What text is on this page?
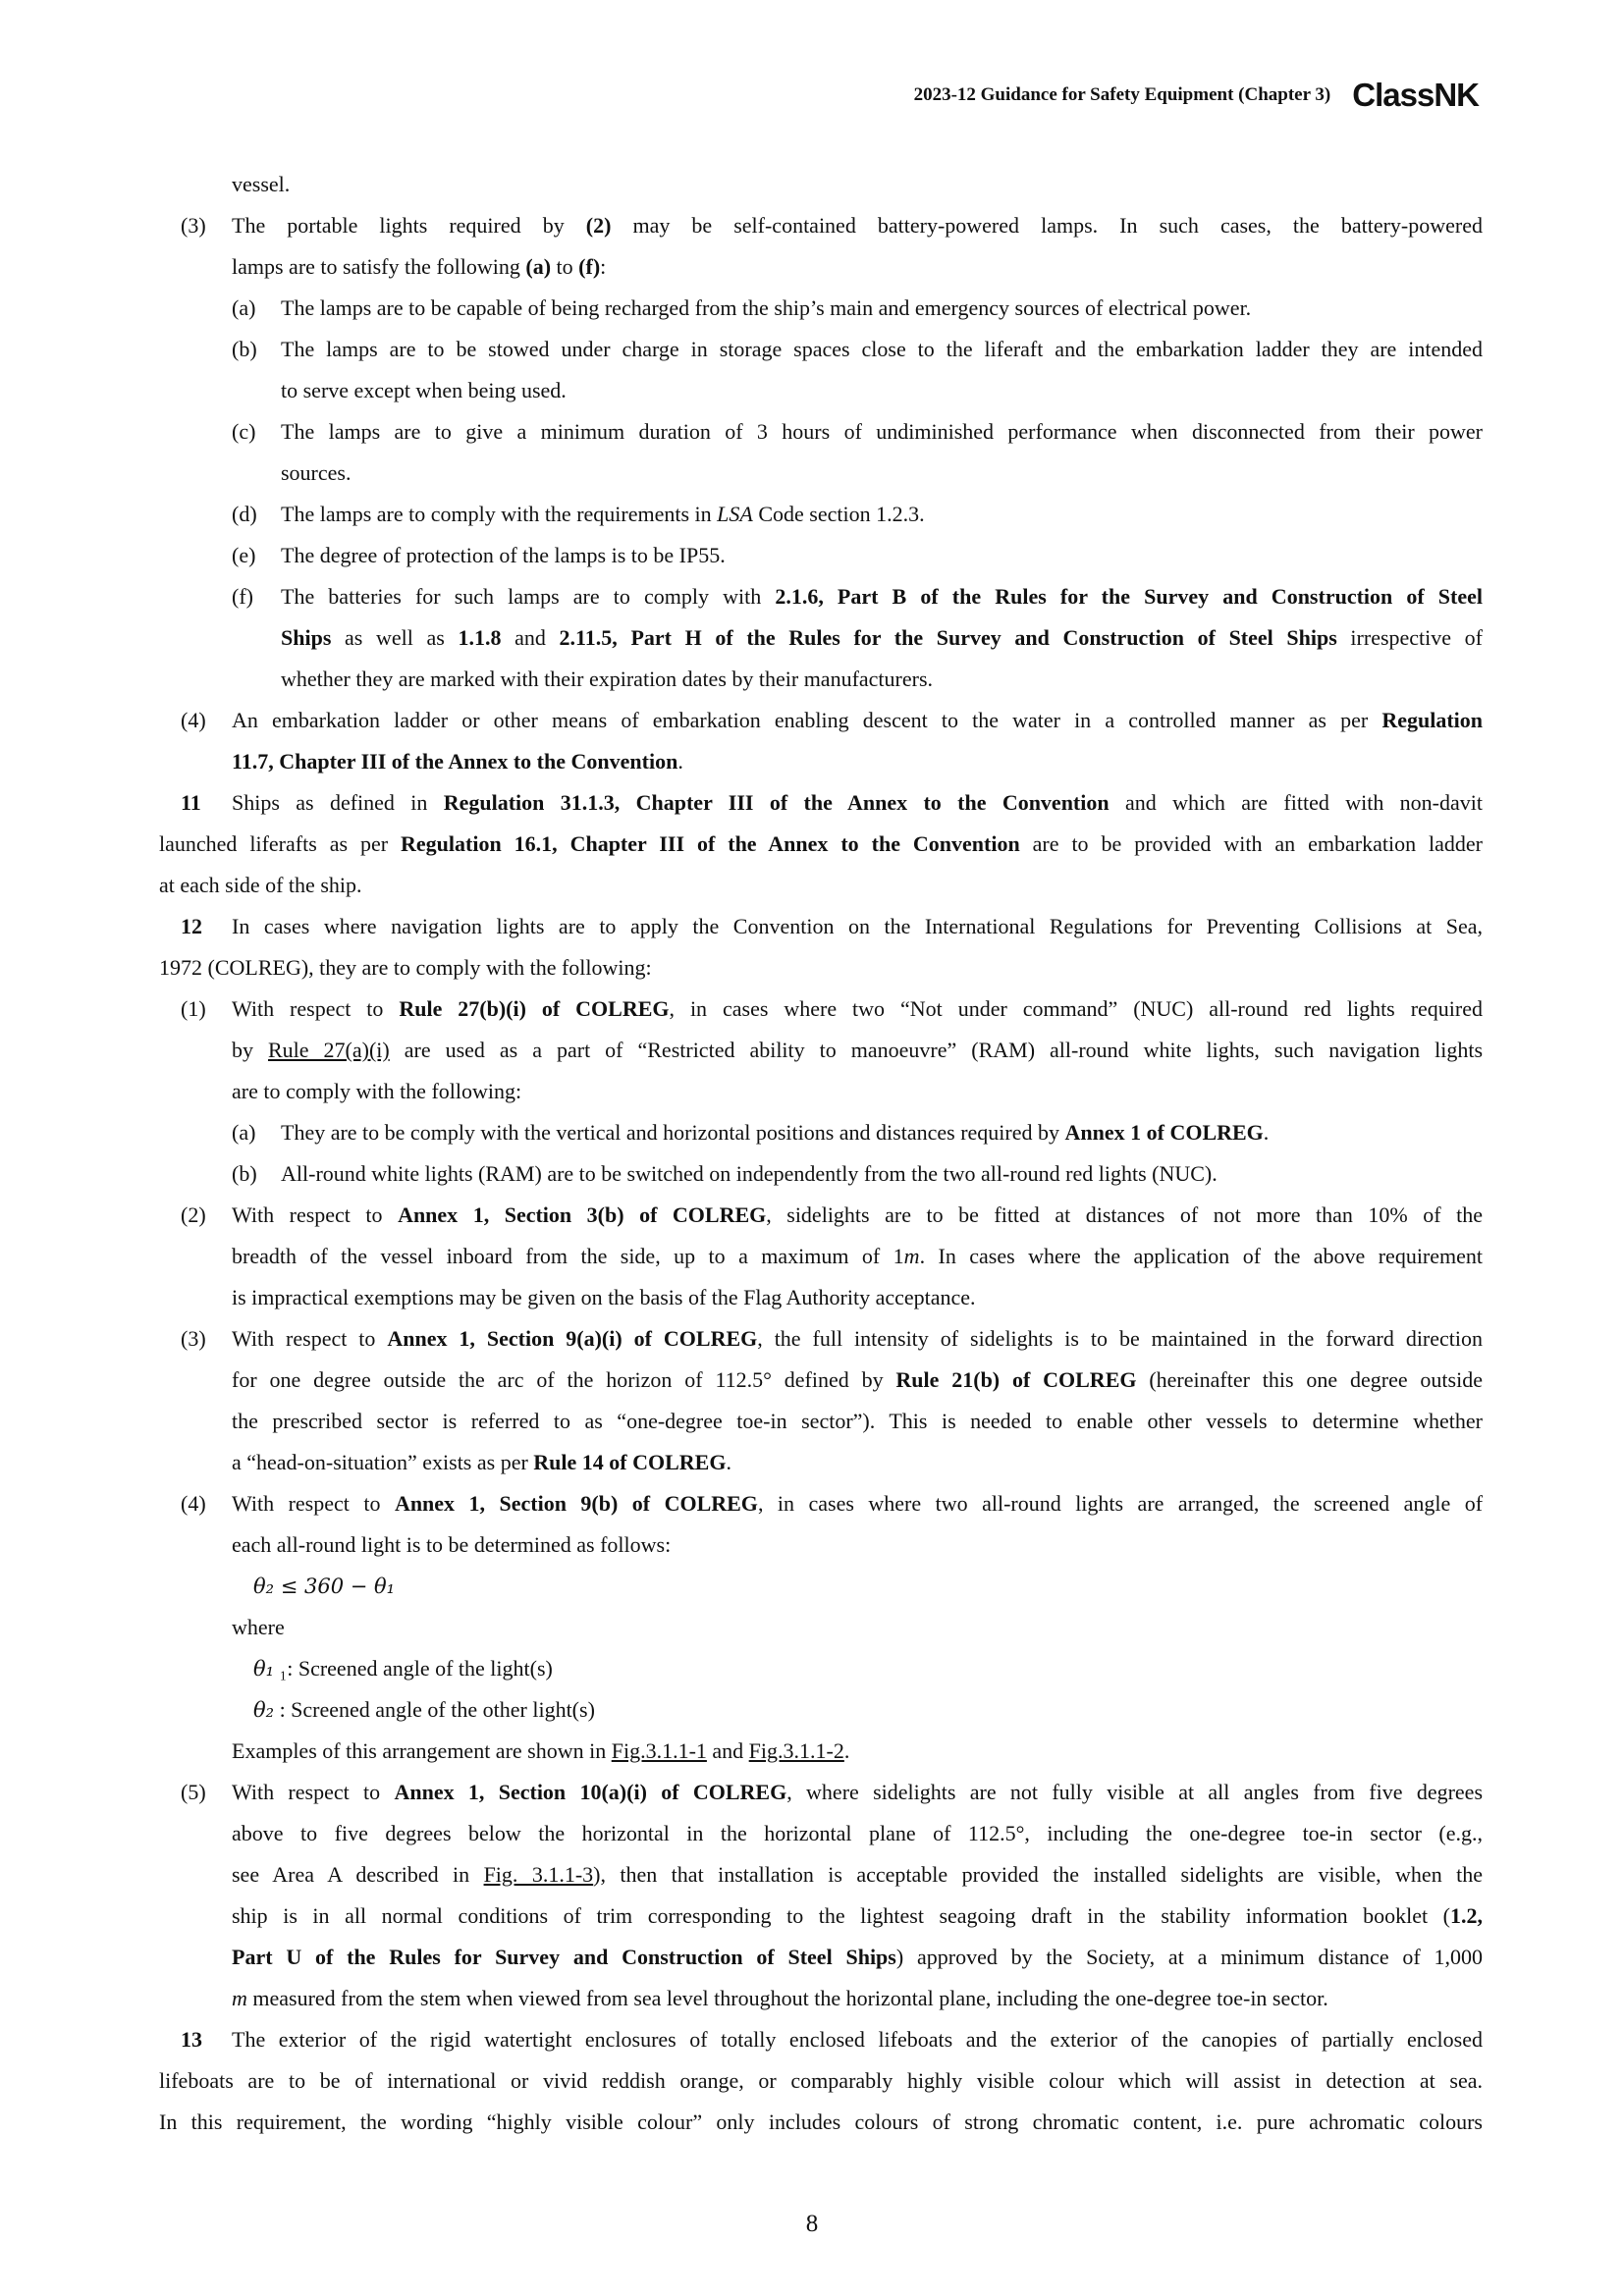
2023-12 Guidance for Safety Equipment (Chapter 3) ClassNK
vessel.
(3) The portable lights required by (2) may be self-contained battery-powered lamps. In such cases, the battery-powered
lamps are to satisfy the following (a) to (f):
(a) The lamps are to be capable of being recharged from the ship’s main and emergency sources of electrical power.
(b) The lamps are to be stowed under charge in storage spaces close to the liferaft and the embarkation ladder they are intended
to serve except when being used.
(c) The lamps are to give a minimum duration of 3 hours of undiminished performance when disconnected from their power
sources.
(d) The lamps are to comply with the requirements in LSA Code section 1.2.3.
(e) The degree of protection of the lamps is to be IP55.
(f) The batteries for such lamps are to comply with 2.1.6, Part B of the Rules for the Survey and Construction of Steel
Ships as well as 1.1.8 and 2.11.5, Part H of the Rules for the Survey and Construction of Steel Ships irrespective of
whether they are marked with their expiration dates by their manufacturers.
(4) An embarkation ladder or other means of embarkation enabling descent to the water in a controlled manner as per Regulation
11.7, Chapter III of the Annex to the Convention.
11 Ships as defined in Regulation 31.1.3, Chapter III of the Annex to the Convention and which are fitted with non-davit
launched liferafts as per Regulation 16.1, Chapter III of the Annex to the Convention are to be provided with an embarkation ladder
at each side of the ship.
12 In cases where navigation lights are to apply the Convention on the International Regulations for Preventing Collisions at Sea,
1972 (COLREG), they are to comply with the following:
(1) With respect to Rule 27(b)(i) of COLREG, in cases where two “Not under command” (NUC) all-round red lights required
by Rule 27(a)(i) are used as a part of “Restricted ability to manoeuvre” (RAM) all-round white lights, such navigation lights
are to comply with the following:
(a) They are to be comply with the vertical and horizontal positions and distances required by Annex 1 of COLREG.
(b) All-round white lights (RAM) are to be switched on independently from the two all-round red lights (NUC).
(2) With respect to Annex 1, Section 3(b) of COLREG, sidelights are to be fitted at distances of not more than 10% of the
breadth of the vessel inboard from the side, up to a maximum of 1m. In cases where the application of the above requirement
is impractical exemptions may be given on the basis of the Flag Authority acceptance.
(3) With respect to Annex 1, Section 9(a)(i) of COLREG, the full intensity of sidelights is to be maintained in the forward direction
for one degree outside the arc of the horizon of 112.5° defined by Rule 21(b) of COLREG (hereinafter this one degree outside
the prescribed sector is referred to as “one-degree toe-in sector”). This is needed to enable other vessels to determine whether
a “head-on-situation” exists as per Rule 14 of COLREG.
(4) With respect to Annex 1, Section 9(b) of COLREG, in cases where two all-round lights are arranged, the screened angle of
each all-round light is to be determined as follows:
θ₂ ≤ 360 − θ₁
where
θ₁ ₁: Screened angle of the light(s)
θ₂ : Screened angle of the other light(s)
Examples of this arrangement are shown in Fig.3.1.1-1 and Fig.3.1.1-2.
(5) With respect to Annex 1, Section 10(a)(i) of COLREG, where sidelights are not fully visible at all angles from five degrees
above to five degrees below the horizontal in the horizontal plane of 112.5°, including the one-degree toe-in sector (e.g.,
see Area A described in Fig. 3.1.1-3), then that installation is acceptable provided the installed sidelights are visible, when the
ship is in all normal conditions of trim corresponding to the lightest seagoing draft in the stability information booklet (1.2,
Part U of the Rules for Survey and Construction of Steel Ships) approved by the Society, at a minimum distance of 1,000
m measured from the stem when viewed from sea level throughout the horizontal plane, including the one-degree toe-in sector.
13 The exterior of the rigid watertight enclosures of totally enclosed lifeboats and the exterior of the canopies of partially enclosed
lifeboats are to be of international or vivid reddish orange, or comparably highly visible colour which will assist in detection at sea.
In this requirement, the wording “highly visible colour” only includes colours of strong chromatic content, i.e. pure achromatic colours
8
